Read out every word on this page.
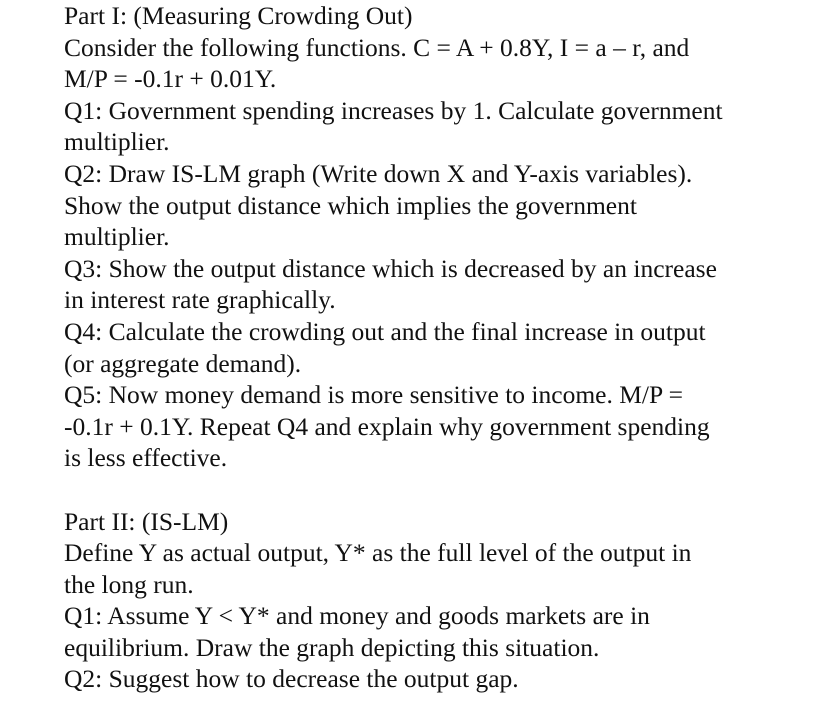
Part I: (Measuring Crowding Out)
Consider the following functions. C = A + 0.8Y, I = a – r, and
M/P = -0.1r + 0.01Y.
Q1: Government spending increases by 1. Calculate government
multiplier.
Q2: Draw IS-LM graph (Write down X and Y-axis variables).
Show the output distance which implies the government
multiplier.
Q3: Show the output distance which is decreased by an increase
in interest rate graphically.
Q4: Calculate the crowding out and the final increase in output
(or aggregate demand).
Q5: Now money demand is more sensitive to income. M/P =
-0.1r + 0.1Y. Repeat Q4 and explain why government spending
is less effective.
Part II: (IS-LM)
Define Y as actual output, Y* as the full level of the output in
the long run.
Q1: Assume Y < Y* and money and goods markets are in
equilibrium. Draw the graph depicting this situation.
Q2: Suggest how to decrease the output gap.
